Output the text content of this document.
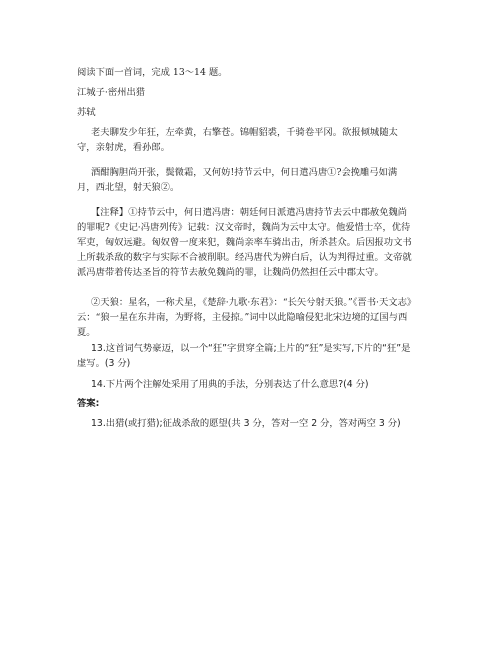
阅读下面一首词，完成 13～14 题。

江城子·密州出猎

苏轼

老夫聊发少年狂，左牵黄，右擎苍。锦帽貂裘，千骑卷平冈。欲报倾城随太守，亲射虎，看孙郎。

酒酣胸胆尚开张，鬓微霜，又何妨!持节云中，何日遣冯唐①?会挽雕弓如满月，西北望，射天狼②。

【注释】①持节云中，何日遣冯唐：朝廷何日派遣冯唐持节去云中郡赦免魏尚的罪呢?《史记·冯唐列传》记载：汉文帝时，魏尚为云中太守。他爱惜士卒，优待军吏，匈奴远避。匈奴曾一度来犯，魏尚亲率车骑出击，所杀甚众。后因报功文书上所载杀敌的数字与实际不合被削职。经冯唐代为辨白后，认为判得过重。文帝就派冯唐带着传达圣旨的符节去赦免魏尚的罪，让魏尚仍然担任云中郡太守。

②天狼：星名，一称犬星，《楚辞·九歌·东君》：“长矢兮射天狼。”《晋书·天文志》云：“狼一星在东井南，为野将，主侵掠。”词中以此隐喻侵犯北宋边境的辽国与西夏。

13.这首词气势豪迈，以一个“狂”字贯穿全篇;上片的“狂”是实写,下片的“狂”是虚写。(3 分)

14.下片两个注解处采用了用典的手法，分别表达了什么意思?(4 分)

答案:

13.出猎(或打猎);征战杀敌的愿望(共 3 分，答对一空 2 分，答对两空 3 分)
